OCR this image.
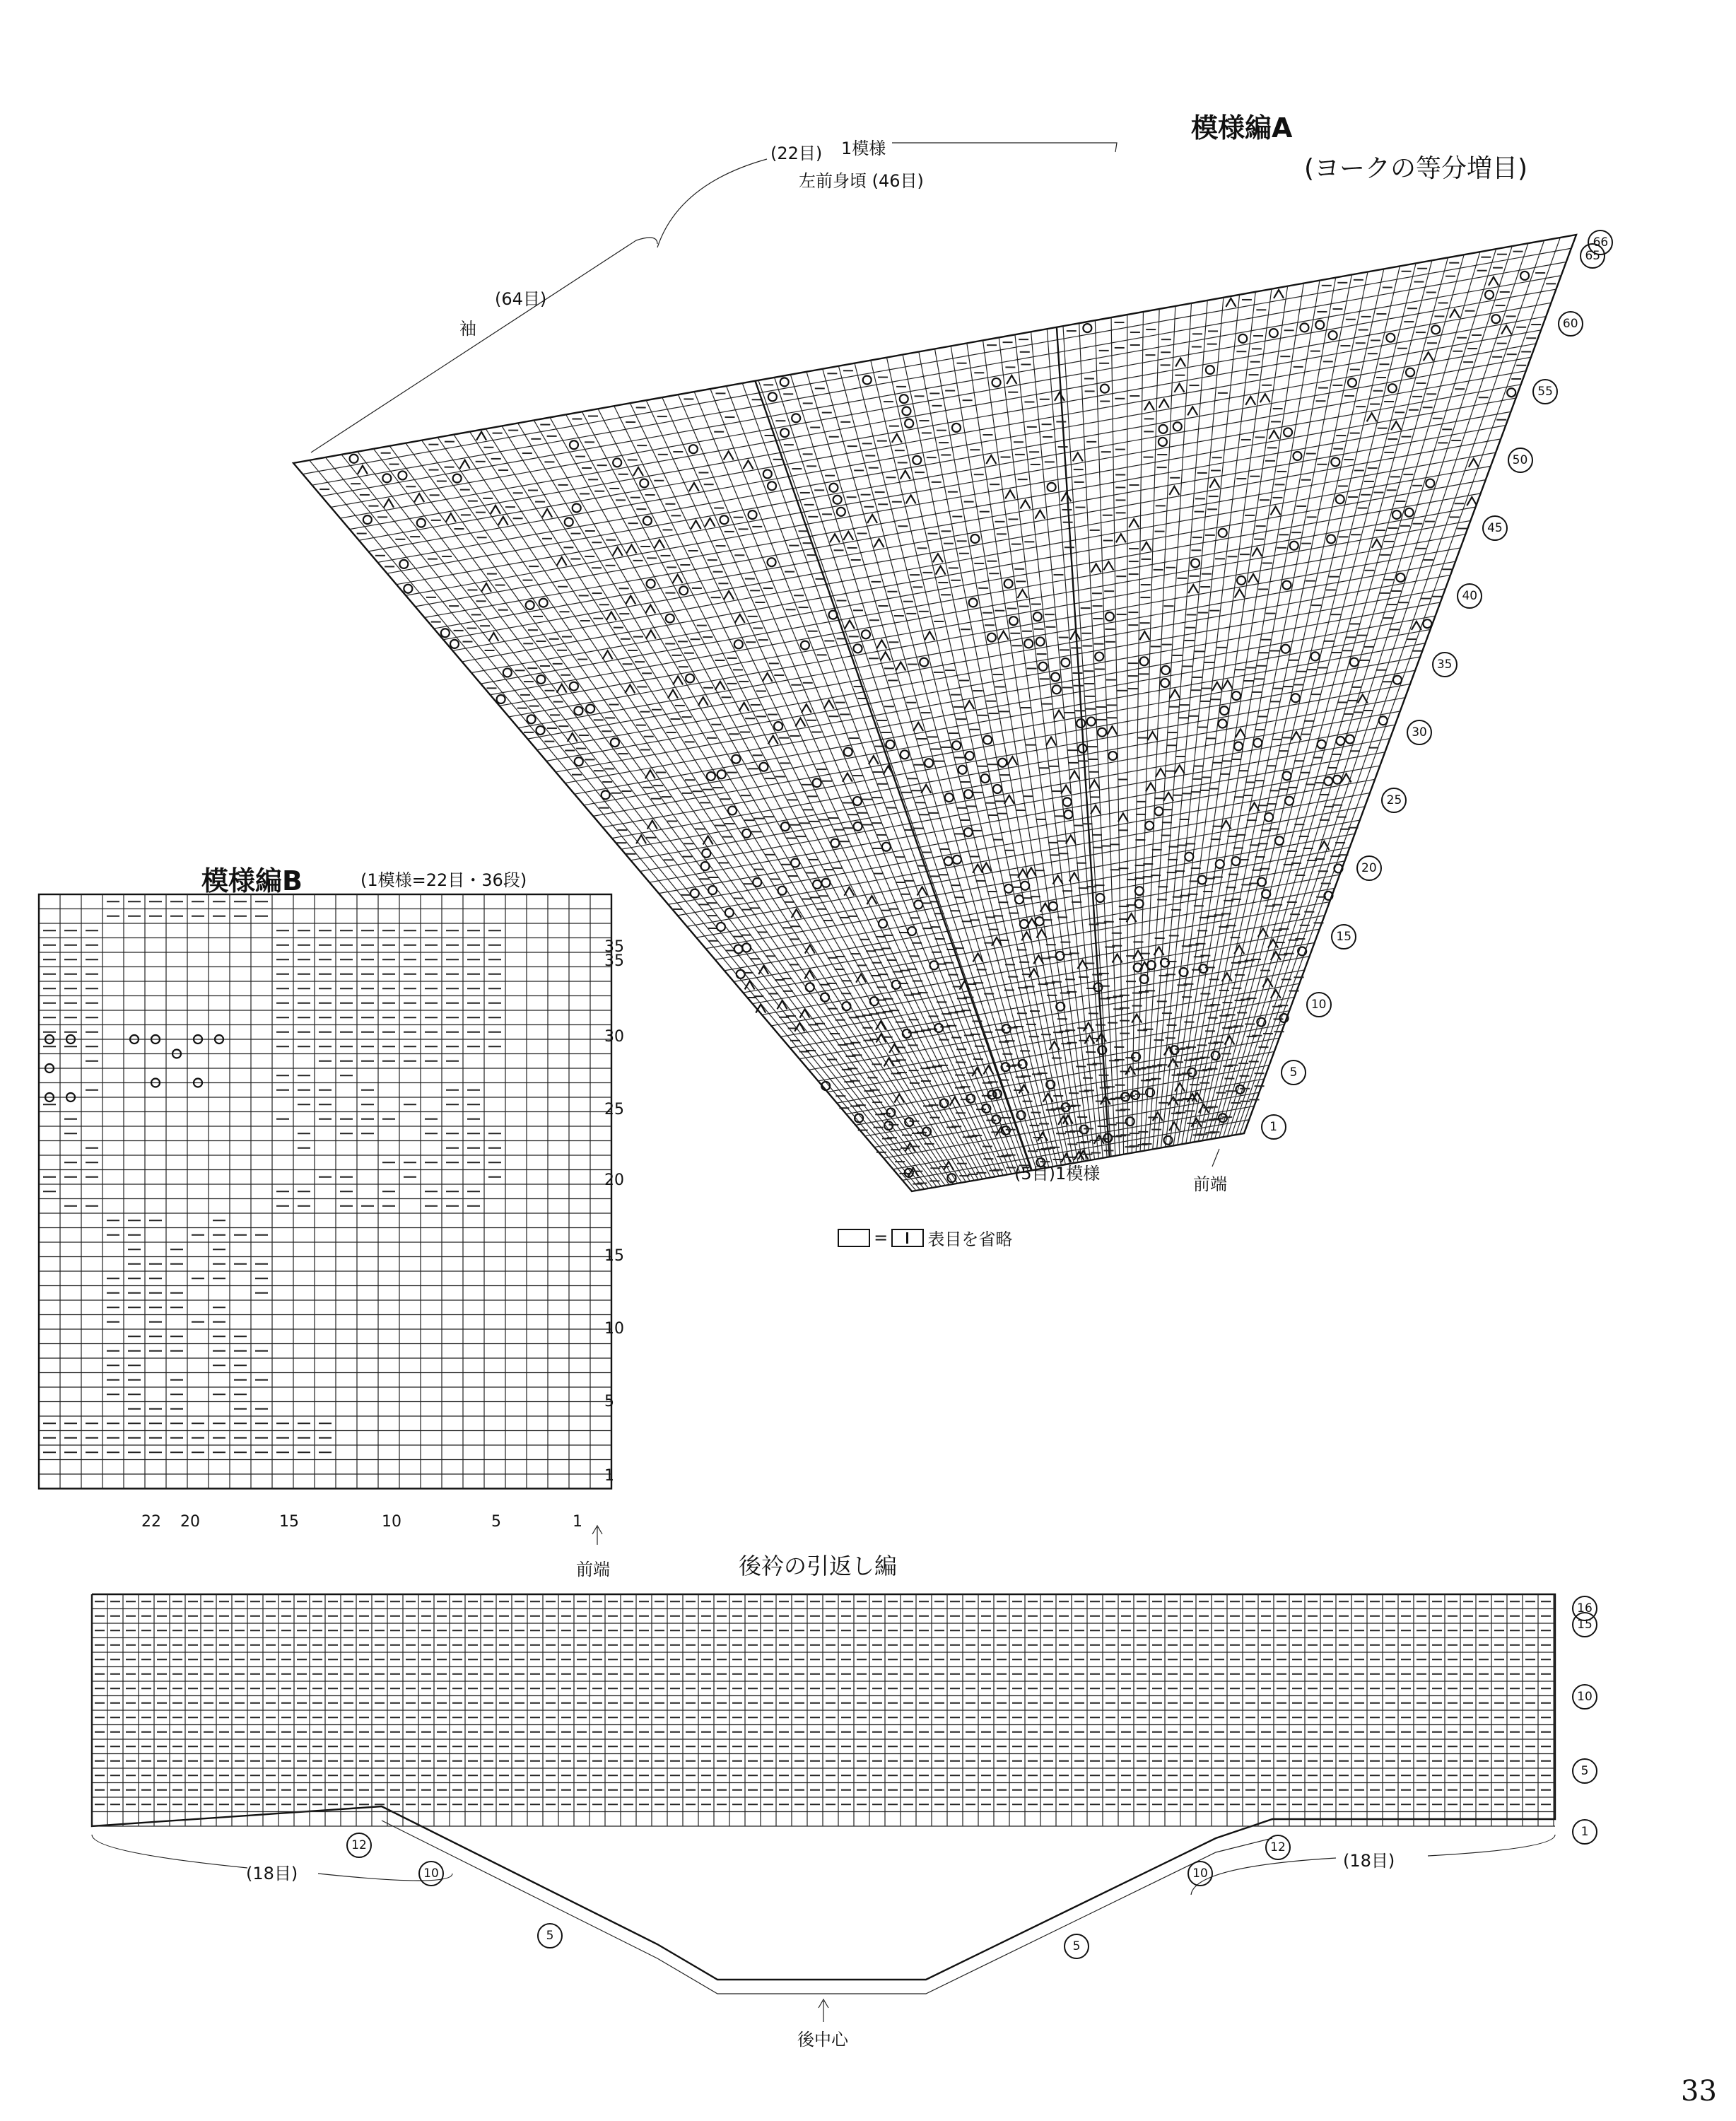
模様編A
(ヨークの等分増目)
(22目) 1模様
左前身頃 (46目)
(64目)
袖
(5目)1模様
前端
66
65
60
55
50
45
40
35
30
25
20
15
10
5
1
= 表目を省略
模様編B	(1模様=22目・36段)
35
35
30
25
20
15
10
5
1
22 20	15	10	5	1
前端	後衿の引返し編
(18目)
(18目)
後中心
16
15
10
5
1
12
10
5
12
10
5
33
